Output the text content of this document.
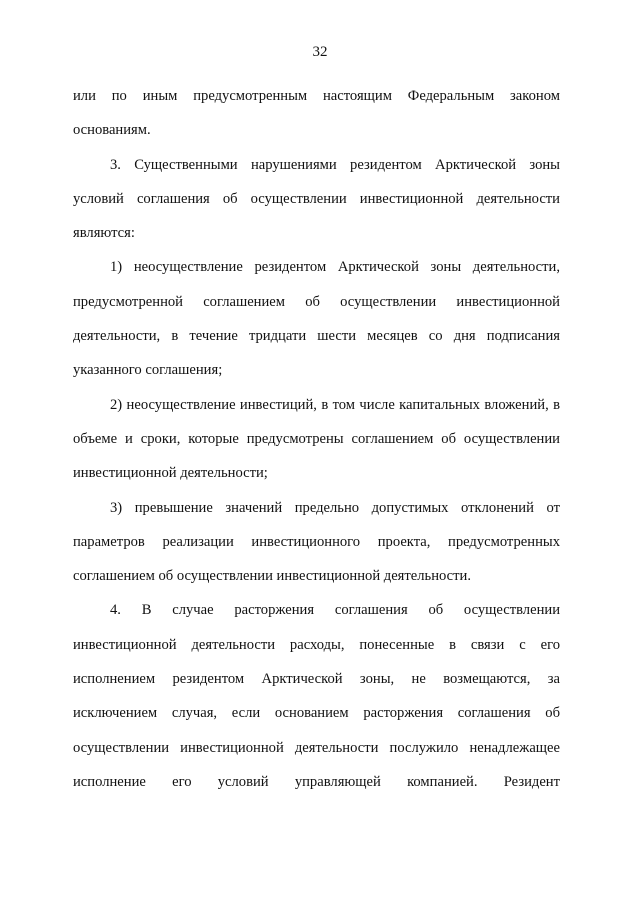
32

или по иным предусмотренным настоящим Федеральным законом основаниям.

3. Существенными нарушениями резидентом Арктической зоны условий соглашения об осуществлении инвестиционной деятельности являются:

1) неосуществление резидентом Арктической зоны деятельности, предусмотренной соглашением об осуществлении инвестиционной деятельности, в течение тридцати шести месяцев со дня подписания указанного соглашения;

2) неосуществление инвестиций, в том числе капитальных вложений, в объеме и сроки, которые предусмотрены соглашением об осуществлении инвестиционной деятельности;

3) превышение значений предельно допустимых отклонений от параметров реализации инвестиционного проекта, предусмотренных соглашением об осуществлении инвестиционной деятельности.

4. В случае расторжения соглашения об осуществлении инвестиционной деятельности расходы, понесенные в связи с его исполнением резидентом Арктической зоны, не возмещаются, за исключением случая, если основанием расторжения соглашения об осуществлении инвестиционной деятельности послужило ненадлежащее исполнение его условий управляющей компанией. Резидент
